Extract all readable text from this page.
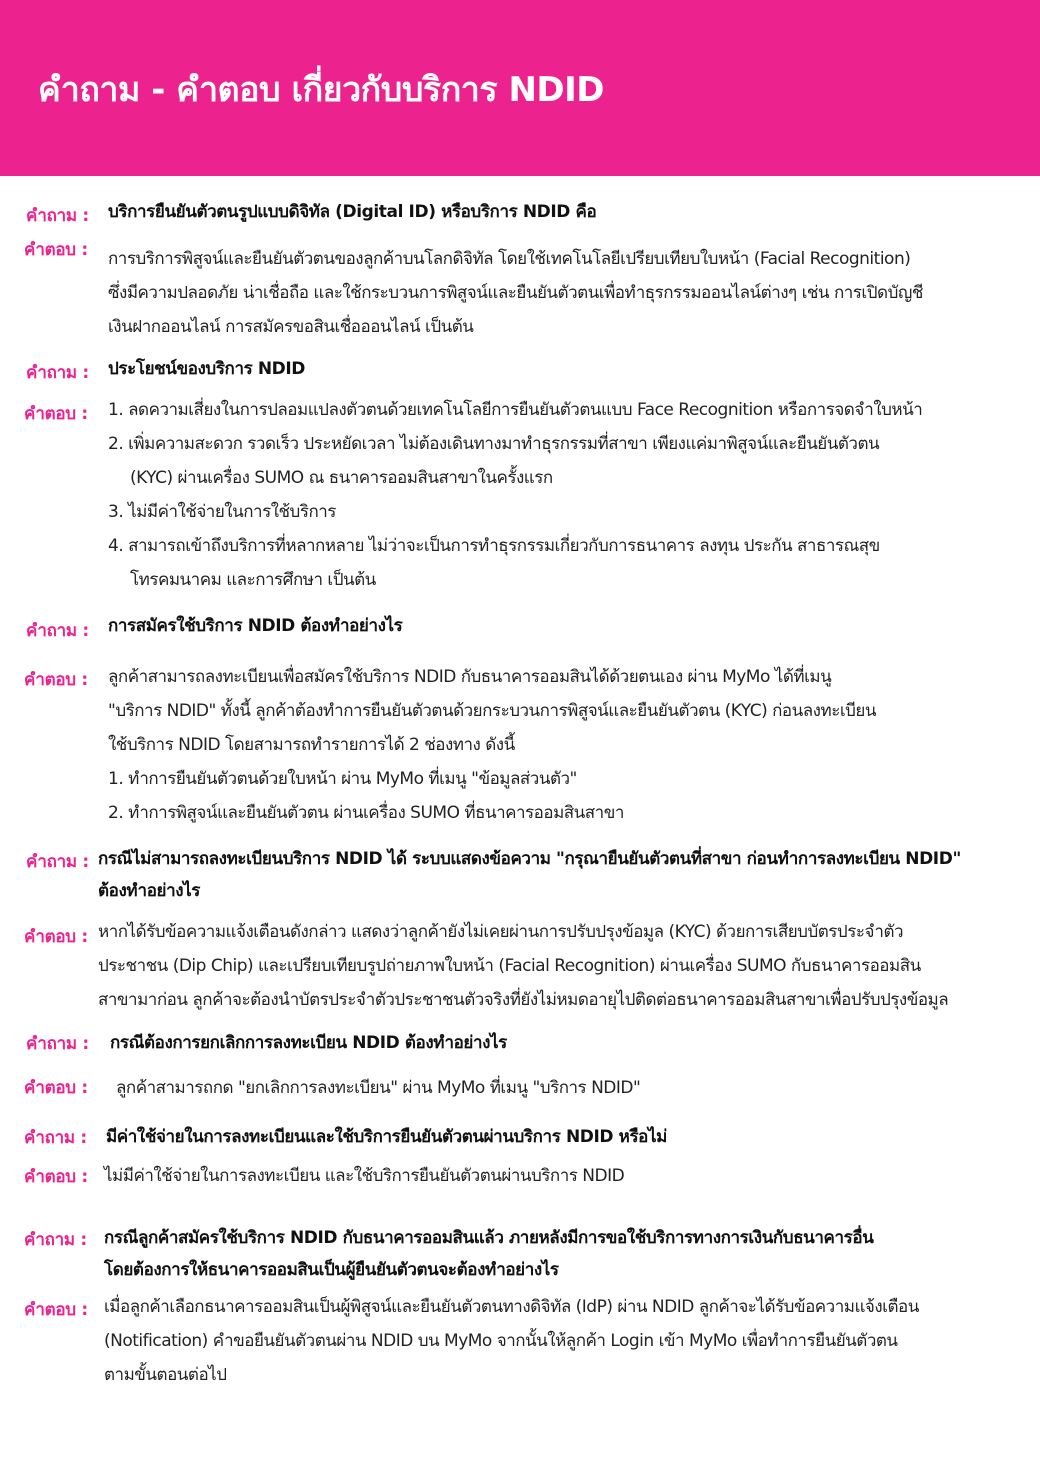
คำถาม - คำตอบ เกี่ยวกับบริการ NDID
คำถาม : บริการยืนยันตัวตนรูปแบบดิจิทัล (Digital ID) หรือบริการ NDID คือ
คำตอบ : การบริการพิสูจน์และยืนยันตัวตนของลูกค้าบนโลกดิจิทัล โดยใช้เทคโนโลยีเปรียบเทียบใบหน้า (Facial Recognition)
ซึ่งมีความปลอดภัย น่าเชื่อถือ และใช้กระบวนการพิสูจน์และยืนยันตัวตนเพื่อทำธุรกรรมออนไลน์ต่างๆ เช่น การเปิดบัญชี
เงินฝากออนไลน์ การสมัครขอสินเชื่อออนไลน์ เป็นต้น
คำถาม : ประโยชน์ของบริการ NDID
คำตอบ : 1. ลดความเสี่ยงในการปลอมแปลงตัวตนด้วยเทคโนโลยีการยืนยันตัวตนแบบ Face Recognition หรือการจดจำใบหน้า
2. เพิ่มความสะดวก รวดเร็ว ประหยัดเวลา ไม่ต้องเดินทางมาทำธุรกรรมที่สาขา เพียงแค่มาพิสูจน์และยืนยันตัวตน
(KYC) ผ่านเครื่อง SUMO ณ ธนาคารออมสินสาขาในครั้งแรก
3. ไม่มีค่าใช้จ่ายในการใช้บริการ
4. สามารถเข้าถึงบริการที่หลากหลาย ไม่ว่าจะเป็นการทำธุรกรรมเกี่ยวกับการธนาคาร ลงทุน ประกัน สาธารณสุข
โทรคมนาคม และการศึกษา เป็นต้น
คำถาม : การสมัครใช้บริการ NDID ต้องทำอย่างไร
คำตอบ : ลูกค้าสามารถลงทะเบียนเพื่อสมัครใช้บริการ NDID กับธนาคารออมสินได้ด้วยตนเอง ผ่าน MyMo ได้ที่เมนู
"บริการ NDID" ทั้งนี้ ลูกค้าต้องทำการยืนยันตัวตนด้วยกระบวนการพิสูจน์และยืนยันตัวตน (KYC) ก่อนลงทะเบียน
ใช้บริการ NDID โดยสามารถทำรายการได้ 2 ช่องทาง ดังนี้
1. ทำการยืนยันตัวตนด้วยใบหน้า ผ่าน MyMo ที่เมนู "ข้อมูลส่วนตัว"
2. ทำการพิสูจน์และยืนยันตัวตน ผ่านเครื่อง SUMO ที่ธนาคารออมสินสาขา
คำถาม : กรณีไม่สามารถลงทะเบียนบริการ NDID ได้ ระบบแสดงข้อความ "กรุณายืนยันตัวตนที่สาขา ก่อนทำการลงทะเบียน NDID"
ต้องทำอย่างไร
คำตอบ : หากได้รับข้อความแจ้งเตือนดังกล่าว แสดงว่าลูกค้ายังไม่เคยผ่านการปรับปรุงข้อมูล (KYC) ด้วยการเสียบบัตรประจำตัว
ประชาชน (Dip Chip) และเปรียบเทียบรูปถ่ายภาพใบหน้า (Facial Recognition) ผ่านเครื่อง SUMO กับธนาคารออมสิน
สาขามาก่อน ลูกค้าจะต้องนำบัตรประจำตัวประชาชนตัวจริงที่ยังไม่หมดอายุไปติดต่อธนาคารออมสินสาขาเพื่อปรับปรุงข้อมูล
คำถาม : กรณีต้องการยกเลิกการลงทะเบียน NDID ต้องทำอย่างไร
คำตอบ : ลูกค้าสามารถกด "ยกเลิกการลงทะเบียน" ผ่าน MyMo ที่เมนู "บริการ NDID"
คำถาม : มีค่าใช้จ่ายในการลงทะเบียนและใช้บริการยืนยันตัวตนผ่านบริการ NDID หรือไม่
คำตอบ : ไม่มีค่าใช้จ่ายในการลงทะเบียน และใช้บริการยืนยันตัวตนผ่านบริการ NDID
คำถาม : กรณีลูกค้าสมัครใช้บริการ NDID กับธนาคารออมสินแล้ว ภายหลังมีการขอใช้บริการทางการเงินกับธนาคารอื่น
โดยต้องการให้ธนาคารออมสินเป็นผู้ยืนยันตัวตนจะต้องทำอย่างไร
คำตอบ : เมื่อลูกค้าเลือกธนาคารออมสินเป็นผู้พิสูจน์และยืนยันตัวตนทางดิจิทัล (IdP) ผ่าน NDID ลูกค้าจะได้รับข้อความแจ้งเตือน
(Notification) คำขอยืนยันตัวตนผ่าน NDID บน MyMo จากนั้นให้ลูกค้า Login เข้า MyMo เพื่อทำการยืนยันตัวตน
ตามขั้นตอนต่อไป
